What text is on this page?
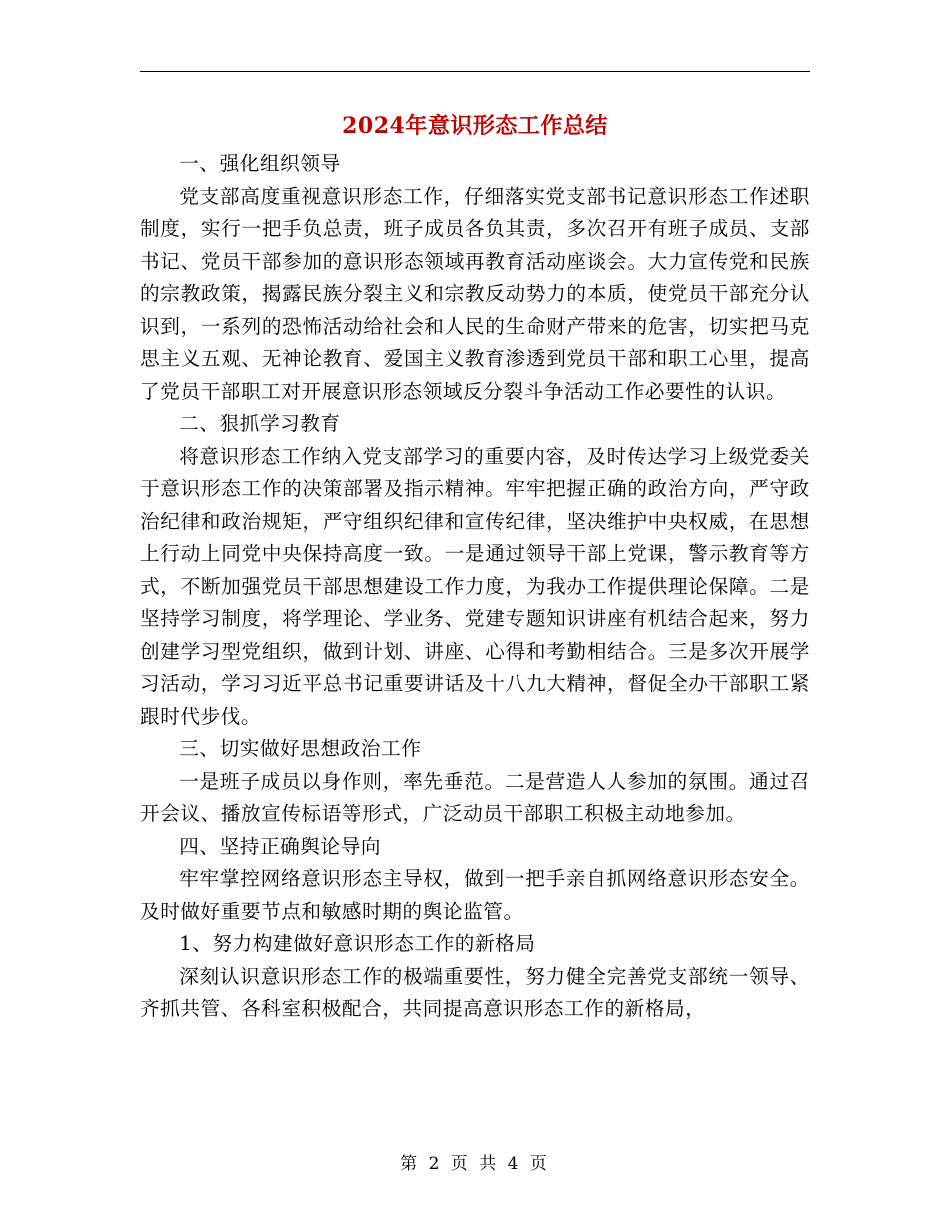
2024年意识形态工作总结

一、强化组织领导

党支部高度重视意识形态工作，仔细落实党支部书记意识形态工作述职制度，实行一把手负总责，班子成员各负其责，多次召开有班子成员、支部书记、党员干部参加的意识形态领域再教育活动座谈会。大力宣传党和民族的宗教政策，揭露民族分裂主义和宗教反动势力的本质，使党员干部充分认识到，一系列的恐怖活动给社会和人民的生命财产带来的危害，切实把马克思主义五观、无神论教育、爱国主义教育渗透到党员干部和职工心里，提高了党员干部职工对开展意识形态领域反分裂斗争活动工作必要性的认识。

二、狠抓学习教育

将意识形态工作纳入党支部学习的重要内容，及时传达学习上级党委关于意识形态工作的决策部署及指示精神。牢牢把握正确的政治方向，严守政治纪律和政治规矩，严守组织纪律和宣传纪律，坚决维护中央权威，在思想上行动上同党中央保持高度一致。一是通过领导干部上党课，警示教育等方式，不断加强党员干部思想建设工作力度，为我办工作提供理论保障。二是坚持学习制度，将学理论、学业务、党建专题知识讲座有机结合起来，努力创建学习型党组织，做到计划、讲座、心得和考勤相结合。三是多次开展学习活动，学习习近平总书记重要讲话及十八九大精神，督促全办干部职工紧跟时代步伐。

三、切实做好思想政治工作

一是班子成员以身作则，率先垂范。二是营造人人参加的氛围。通过召开会议、播放宣传标语等形式，广泛动员干部职工积极主动地参加。

四、坚持正确舆论导向

牢牢掌控网络意识形态主导权，做到一把手亲自抓网络意识形态安全。及时做好重要节点和敏感时期的舆论监管。

1、努力构建做好意识形态工作的新格局

深刻认识意识形态工作的极端重要性，努力健全完善党支部统一领导、齐抓共管、各科室积极配合，共同提高意识形态工作的新格局，

第 2 页 共 4 页
